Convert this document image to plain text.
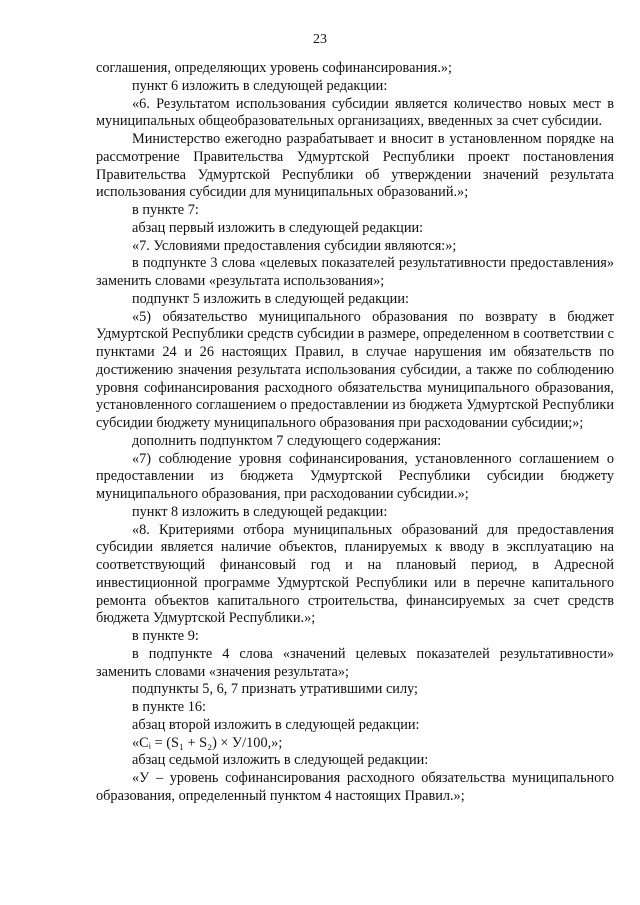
23

соглашения, определяющих уровень софинансирования.»;

пункт 6 изложить в следующей редакции:

«6. Результатом использования субсидии является количество новых мест в муниципальных общеобразовательных организациях, введенных за счет субсидии.

Министерство ежегодно разрабатывает и вносит в установленном порядке на рассмотрение Правительства Удмуртской Республики проект постановления Правительства Удмуртской Республики об утверждении значений результата использования субсидии для муниципальных образований.»;

в пункте 7:

абзац первый изложить в следующей редакции:

«7. Условиями предоставления субсидии являются:»;

в подпункте 3 слова «целевых показателей результативности предоставления» заменить словами «результата использования»;

подпункт 5 изложить в следующей редакции:

«5) обязательство муниципального образования по возврату в бюджет Удмуртской Республики средств субсидии в размере, определенном в соответствии с пунктами 24 и 26 настоящих Правил, в случае нарушения им обязательств по достижению значения результата использования субсидии, а также по соблюдению уровня софинансирования расходного обязательства муниципального образования, установленного соглашением о предоставлении из бюджета Удмуртской Республики субсидии бюджету муниципального образования при расходовании субсидии;»;

дополнить подпунктом 7 следующего содержания:

«7) соблюдение уровня софинансирования, установленного соглашением о предоставлении из бюджета Удмуртской Республики субсидии бюджету муниципального образования, при расходовании субсидии.»;

пункт 8 изложить в следующей редакции:

«8. Критериями отбора муниципальных образований для предоставления субсидии является наличие объектов, планируемых к вводу в эксплуатацию на соответствующий финансовый год и на плановый период, в Адресной инвестиционной программе Удмуртской Республики или в перечне капитального ремонта объектов капитального строительства, финансируемых за счет средств бюджета Удмуртской Республики.»;

в пункте 9:

в подпункте 4 слова «значений целевых показателей результативности» заменить словами «значения результата»;

подпункты 5, 6, 7 признать утратившими силу;

в пункте 16:

абзац второй изложить в следующей редакции:

«Cᵢ = (S₁ + S₂) × У/100,»;

абзац седьмой изложить в следующей редакции:

«У – уровень софинансирования расходного обязательства муниципального образования, определенный пунктом 4 настоящих Правил.»;
